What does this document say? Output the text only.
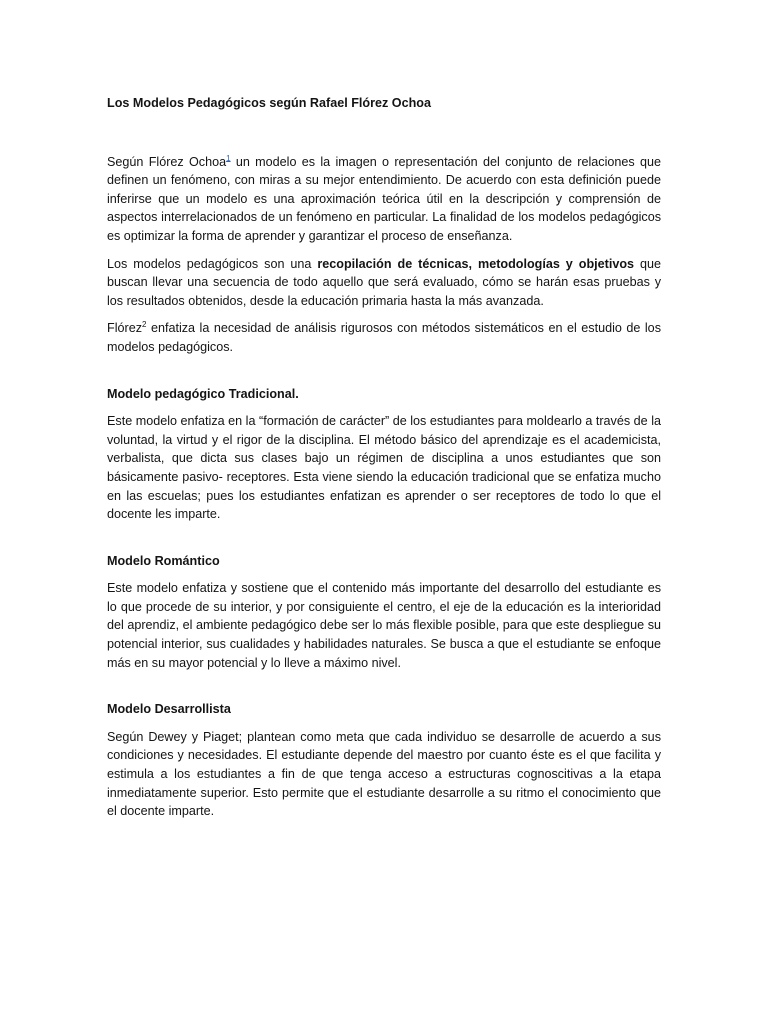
Los Modelos Pedagógicos según Rafael Flórez Ochoa

Según Flórez Ochoa$^1$ un modelo es la imagen o representación del conjunto de relaciones que definen un fenómeno, con miras a su mejor entendimiento. De acuerdo con esta definición puede inferirse que un modelo es una aproximación teórica útil en la descripción y comprensión de aspectos interrelacionados de un fenómeno en particular. La finalidad de los modelos pedagógicos es optimizar la forma de aprender y garantizar el proceso de enseñanza.

Los modelos pedagógicos son una recopilación de técnicas, metodologías y objetivos que buscan llevar una secuencia de todo aquello que será evaluado, cómo se harán esas pruebas y los resultados obtenidos, desde la educación primaria hasta la más avanzada.

Flórez$^2$ enfatiza la necesidad de análisis rigurosos con métodos sistemáticos en el estudio de los modelos pedagógicos.

Modelo pedagógico Tradicional.

Este modelo enfatiza en la “formación de carácter” de los estudiantes para moldearlo a través de la voluntad, la virtud y el rigor de la disciplina. El método básico del aprendizaje es el academicista, verbalista, que dicta sus clases bajo un régimen de disciplina a unos estudiantes que son básicamente pasivo- receptores. Esta viene siendo la educación tradicional que se enfatiza mucho en las escuelas; pues los estudiantes enfatizan es aprender o ser receptores de todo lo que el docente les imparte.

Modelo Romántico

Este modelo enfatiza y sostiene que el contenido más importante del desarrollo del estudiante es lo que procede de su interior, y por consiguiente el centro, el eje de la educación es la interioridad del aprendiz, el ambiente pedagógico debe ser lo más flexible posible, para que este despliegue su potencial interior, sus cualidades y habilidades naturales. Se busca a que el estudiante se enfoque más en su mayor potencial y lo lleve a máximo nivel.

Modelo Desarrollista

Según Dewey y Piaget; plantean como meta que cada individuo se desarrolle de acuerdo a sus condiciones y necesidades. El estudiante depende del maestro por cuanto éste es el que facilita y estimula a los estudiantes a fin de que tenga acceso a estructuras cognoscitivas a la etapa inmediatamente superior. Esto permite que el estudiante desarrolle a su ritmo el conocimiento que el docente imparte.
